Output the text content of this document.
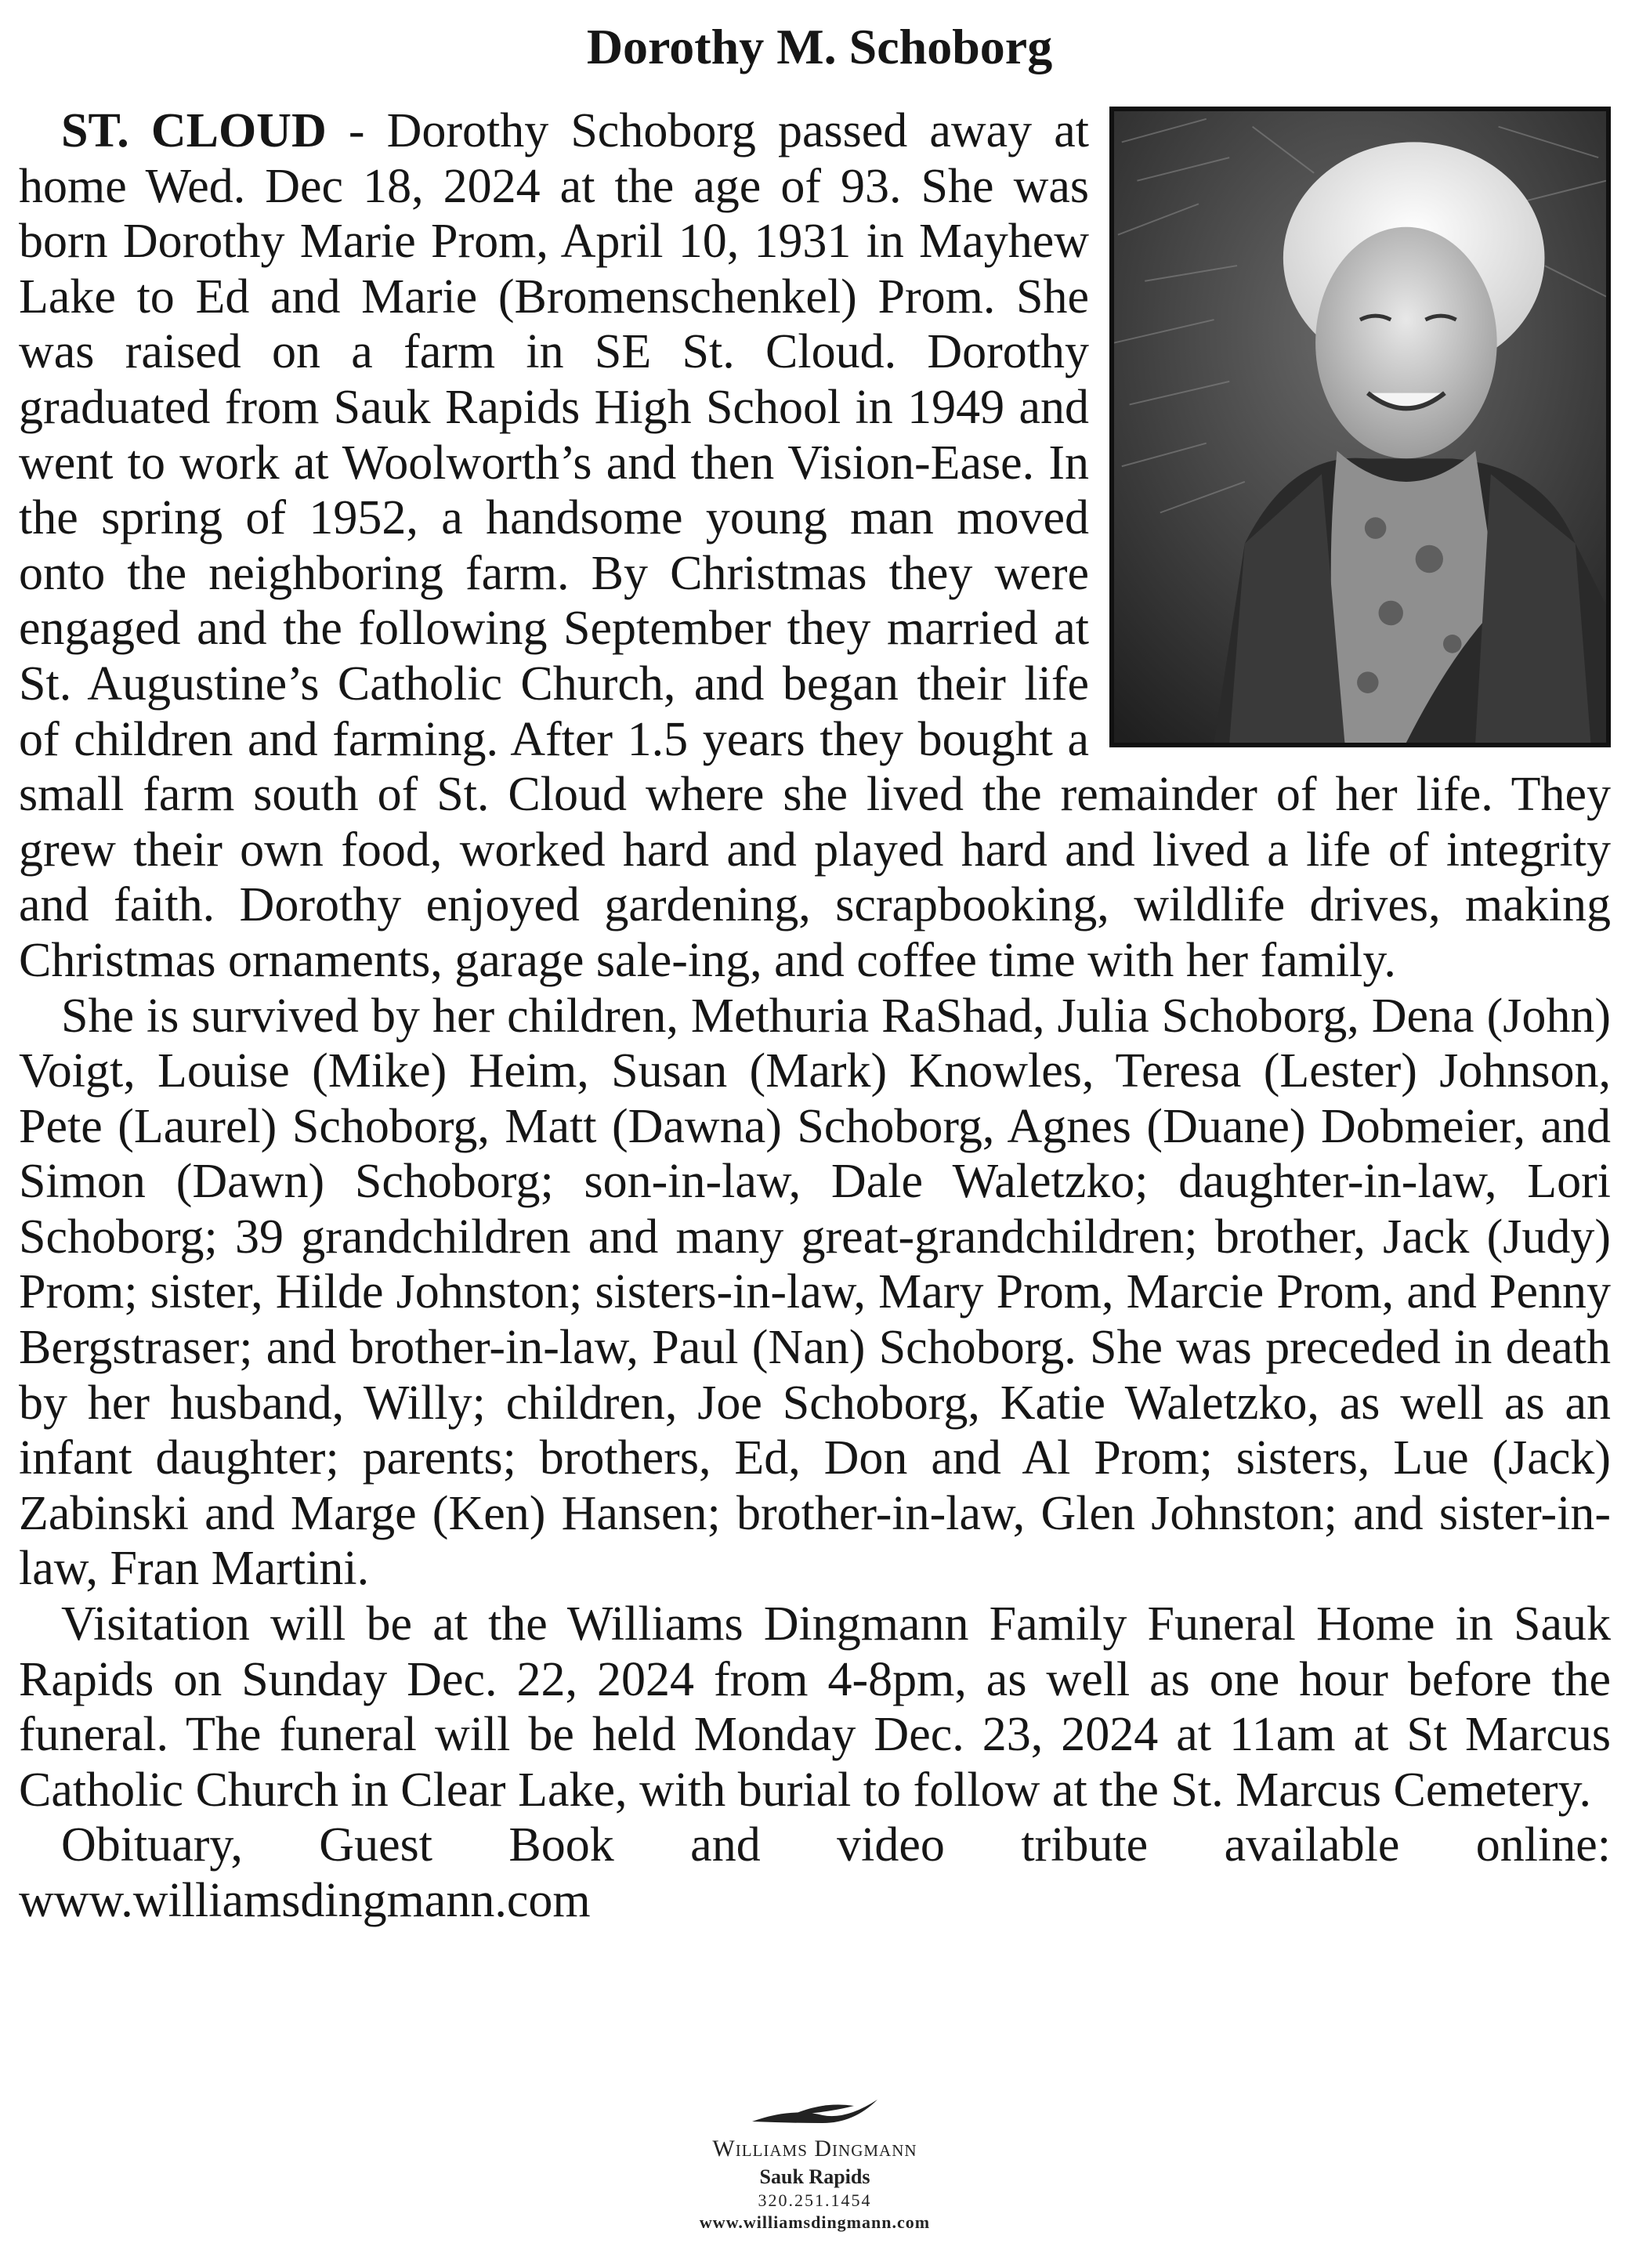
Dorothy M. Schoborg

ST. CLOUD - Dorothy Schoborg passed away at home Wed. Dec 18, 2024 at the age of 93. She was born Dorothy Marie Prom, April 10, 1931 in Mayhew Lake to Ed and Marie (Bromenschenkel) Prom. She was raised on a farm in SE St. Cloud. Dorothy graduated from Sauk Rapids High School in 1949 and went to work at Woolworth’s and then Vision-Ease. In the spring of 1952, a handsome young man moved onto the neighboring farm. By Christmas they were engaged and the following September they married at St. Augustine’s Catholic Church, and began their life of children and farming. After 1.5 years they bought a small farm south of St. Cloud where she lived the remainder of her life. They grew their own food, worked hard and played hard and lived a life of integrity and faith. Dorothy enjoyed gardening, scrapbooking, wildlife drives, making Christmas ornaments, garage sale-ing, and coffee time with her family.

She is survived by her children, Methuria RaShad, Julia Schoborg, Dena (John) Voigt, Louise (Mike) Heim, Susan (Mark) Knowles, Teresa (Lester) Johnson, Pete (Laurel) Schoborg, Matt (Dawna) Schoborg, Agnes (Duane) Dobmeier, and Simon (Dawn) Schoborg; son-in-law, Dale Waletzko; daughter-in-law, Lori Schoborg; 39 grandchildren and many great-grandchildren; brother, Jack (Judy) Prom; sister, Hilde Johnston; sisters-in-law, Mary Prom, Marcie Prom, and Penny Bergstraser; and brother-in-law, Paul (Nan) Schoborg. She was preceded in death by her husband, Willy; children, Joe Schoborg, Katie Waletzko, as well as an infant daughter; parents; brothers, Ed, Don and Al Prom; sisters, Lue (Jack) Zabinski and Marge (Ken) Hansen; brother-in-law, Glen Johnston; and sister-in-law, Fran Martini.

Visitation will be at the Williams Dingmann Family Funeral Home in Sauk Rapids on Sunday Dec. 22, 2024 from 4-8pm, as well as one hour before the funeral. The funeral will be held Monday Dec. 23, 2024 at 11am at St Marcus Catholic Church in Clear Lake, with burial to follow at the St. Marcus Cemetery.

Obituary, Guest Book and video tribute available online: www.williamsdingmann.com

Williams Dingmann
Sauk Rapids
320.251.1454
www.williamsdingmann.com
